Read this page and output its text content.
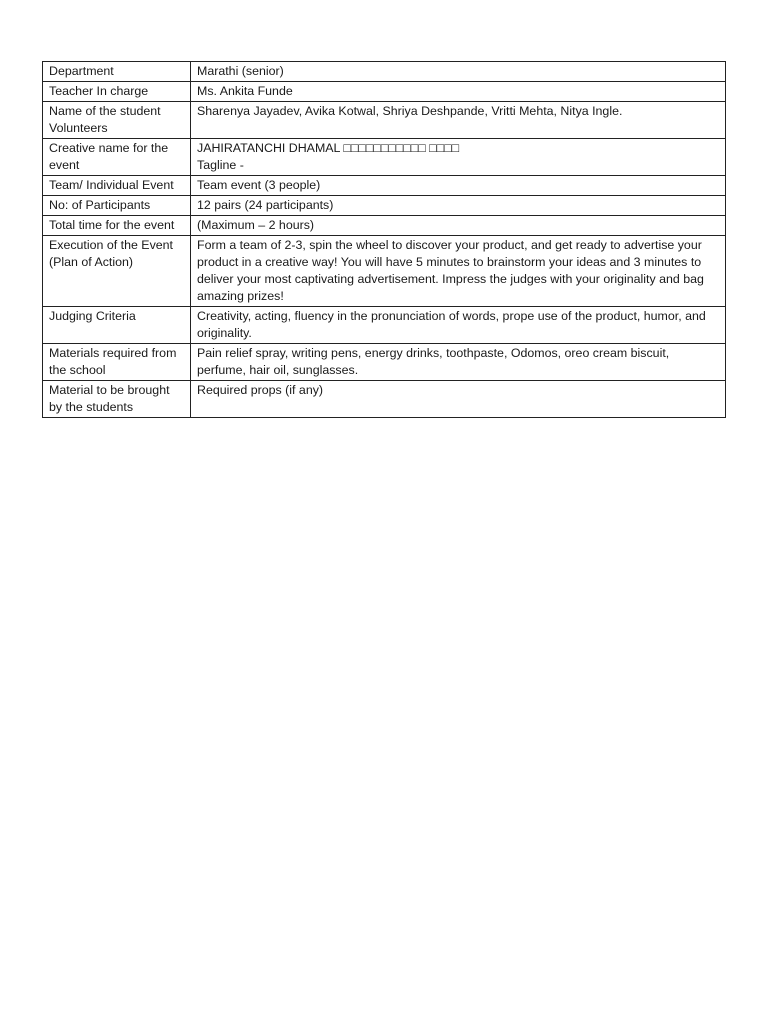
Department	Marathi (senior)
Teacher In charge	Ms. Ankita Funde
Name of the student Volunteers	Sharenya Jayadev, Avika Kotwal, Shriya Deshpande, Vritti Mehta, Nitya Ingle.
Creative name for the event	JAHIRATANCHI DHAMAL □□□□□□□□□□□ □□□□
Tagline -

Team/ Individual Event	Team event (3 people)
No: of Participants	12 pairs (24 participants)
Total time for the event	(Maximum – 2 hours)
Execution of the Event (Plan of Action)	Form a team of 2-3, spin the wheel to discover your product, and get ready to advertise your product in a creative way! You will have 5 minutes to brainstorm your ideas and 3 minutes to deliver your most captivating advertisement. Impress the judges with your originality and bag amazing prizes!
Judging Criteria	Creativity, acting, fluency in the pronunciation of words, prope use of the product, humor, and originality.
Materials required from the school	Pain relief spray, writing pens, energy drinks, toothpaste, Odomos, oreo cream biscuit, perfume, hair oil, sunglasses.
Material to be brought by the students	Required props (if any)
